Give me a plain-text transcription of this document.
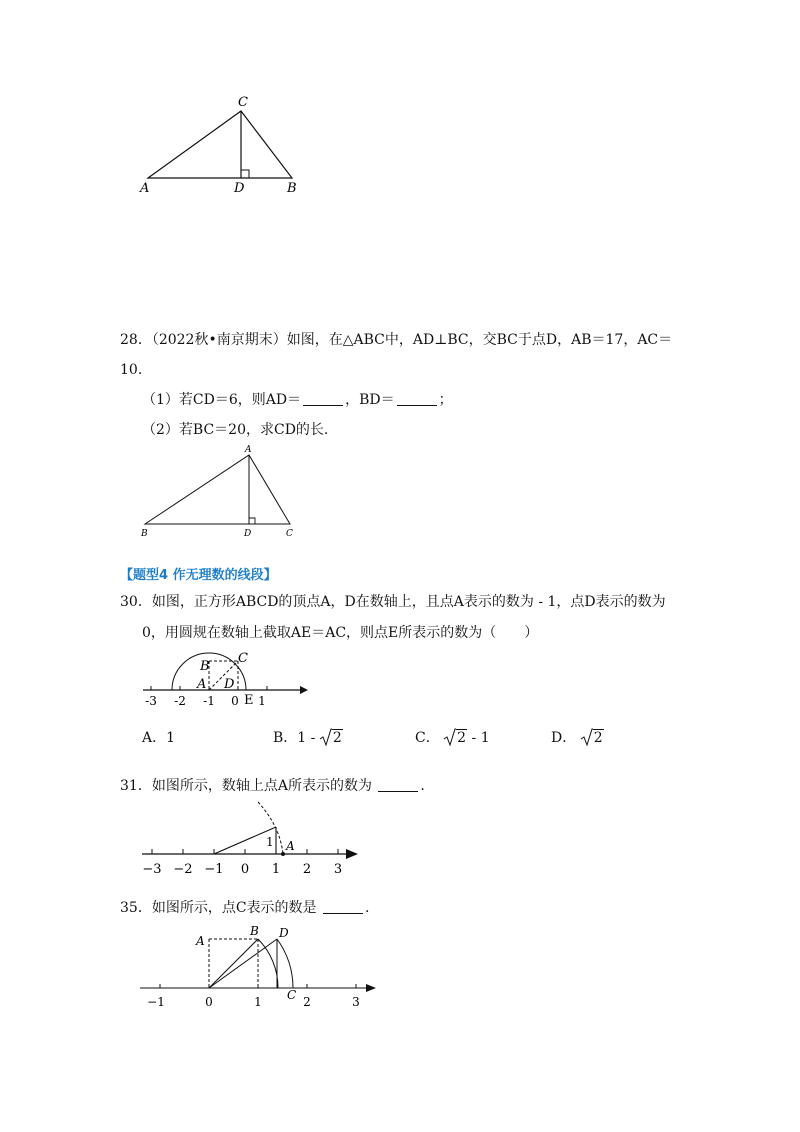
C
A	D	B
28．（2022秋•南京期末）如图，在△ABC中，AD⊥BC，交BC于点D，AB＝17，AC＝
10.
（1）若CD＝6，则AD＝	，BD＝	；
（2）若BC＝20，求CD的长.
A
B	D	C
【题型4 作无理数的线段】
30．如图，正方形ABCD的顶点A，D在数轴上，且点A表示的数为 - 1，点D表示的数为
0，用圆规在数轴上截取AE＝AC，则点E所表示的数为（　　）
B
C
A D
E
-3 -2 -1 0 1
A．1	B．1 - 2	C． 2 - 1	D． 2
31．如图所示，数轴上点A所表示的数为	.
1 A
−3 −2 −1 0 1 2 3
35．如图所示，点C表示的数是	.
A
B D
C
−1	0	1	2	3
